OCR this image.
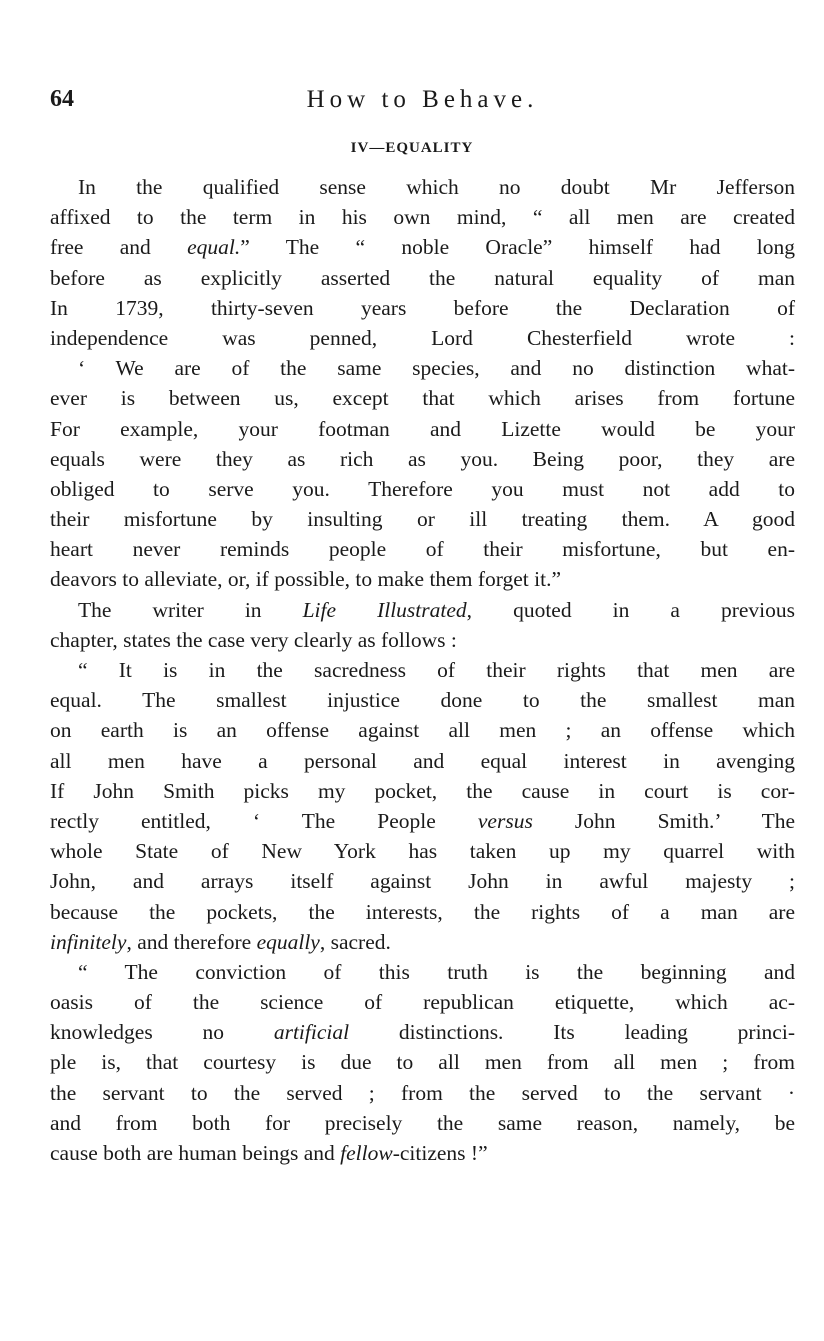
64	How to Behave.
IV—EQUALITY
In the qualified sense which no doubt Mr Jefferson
affixed to the term in his own mind, “ all men are created
free and equal.” The “ noble Oracle” himself had long
before as explicitly asserted the natural equality of man
In 1739, thirty-seven years before the Declaration of
independence was penned, Lord Chesterfield wrote :
‘ We are of the same species, and no distinction what-
ever is between us, except that which arises from fortune
For example, your footman and Lizette would be your
equals were they as rich as you. Being poor, they are
obliged to serve you. Therefore you must not add to
their misfortune by insulting or ill treating them. A good
heart never reminds people of their misfortune, but en-
deavors to alleviate, or, if possible, to make them forget it.”
The writer in Life Illustrated, quoted in a previous
chapter, states the case very clearly as follows :
“ It is in the sacredness of their rights that men are
equal. The smallest injustice done to the smallest man
on earth is an offense against all men ; an offense which
all men have a personal and equal interest in avenging
If John Smith picks my pocket, the cause in court is cor-
rectly entitled, ‘ The People versus John Smith.’ The
whole State of New York has taken up my quarrel with
John, and arrays itself against John in awful majesty ;
because the pockets, the interests, the rights of a man are
infinitely, and therefore equally, sacred.
“ The conviction of this truth is the beginning and
oasis of the science of republican etiquette, which ac-
knowledges no artificial distinctions. Its leading princi-
ple is, that courtesy is due to all men from all men ; from
the servant to the served ; from the served to the servant ·
and from both for precisely the same reason, namely, be
cause both are human beings and fellow-citizens !”
